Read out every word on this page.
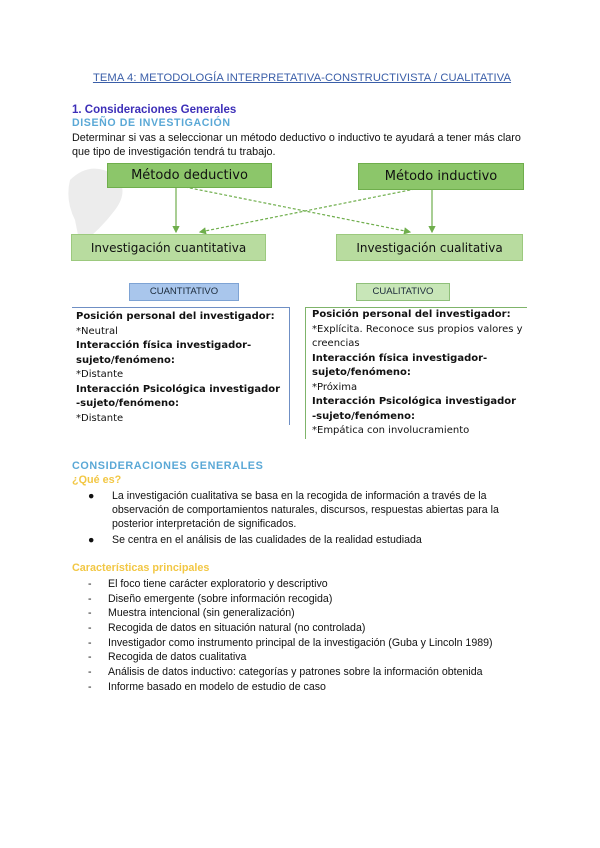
TEMA 4: METODOLOGÍA INTERPRETATIVA-CONSTRUCTIVISTA / CUALITATIVA
1. Consideraciones Generales
DISEÑO DE INVESTIGACIÓN
Determinar si vas a seleccionar un método deductivo o inductivo te ayudará a tener más claro que tipo de investigación tendrá tu trabajo.
Método deductivo	Método inductivo
Investigación cuantitativa	Investigación cualitativa
CUANTITATIVO	CUALITATIVO
Posición personal del investigador:
*Neutral
Interacción física investigador-
sujeto/fenómeno:
*Distante
Interacción Psicológica investigador
-sujeto/fenómeno:
*Distante
Posición personal del investigador:
*Explícita. Reconoce sus propios valores y
creencias
Interacción física investigador-
sujeto/fenómeno:
*Próxima
Interacción Psicológica investigador
-sujeto/fenómeno:
*Empática con involucramiento
CONSIDERACIONES GENERALES
¿Qué es?
● La investigación cualitativa se basa en la recogida de información a través de la observación de comportamientos naturales, discursos, respuestas abiertas para la posterior interpretación de significados.
● Se centra en el análisis de las cualidades de la realidad estudiada
Características principales
- El foco tiene carácter exploratorio y descriptivo
- Diseño emergente (sobre información recogida)
- Muestra intencional (sin generalización)
- Recogida de datos en situación natural (no controlada)
- Investigador como instrumento principal de la investigación (Guba y Lincoln 1989)
- Recogida de datos cualitativa
- Análisis de datos inductivo: categorías y patrones sobre la información obtenida
- Informe basado en modelo de estudio de caso
